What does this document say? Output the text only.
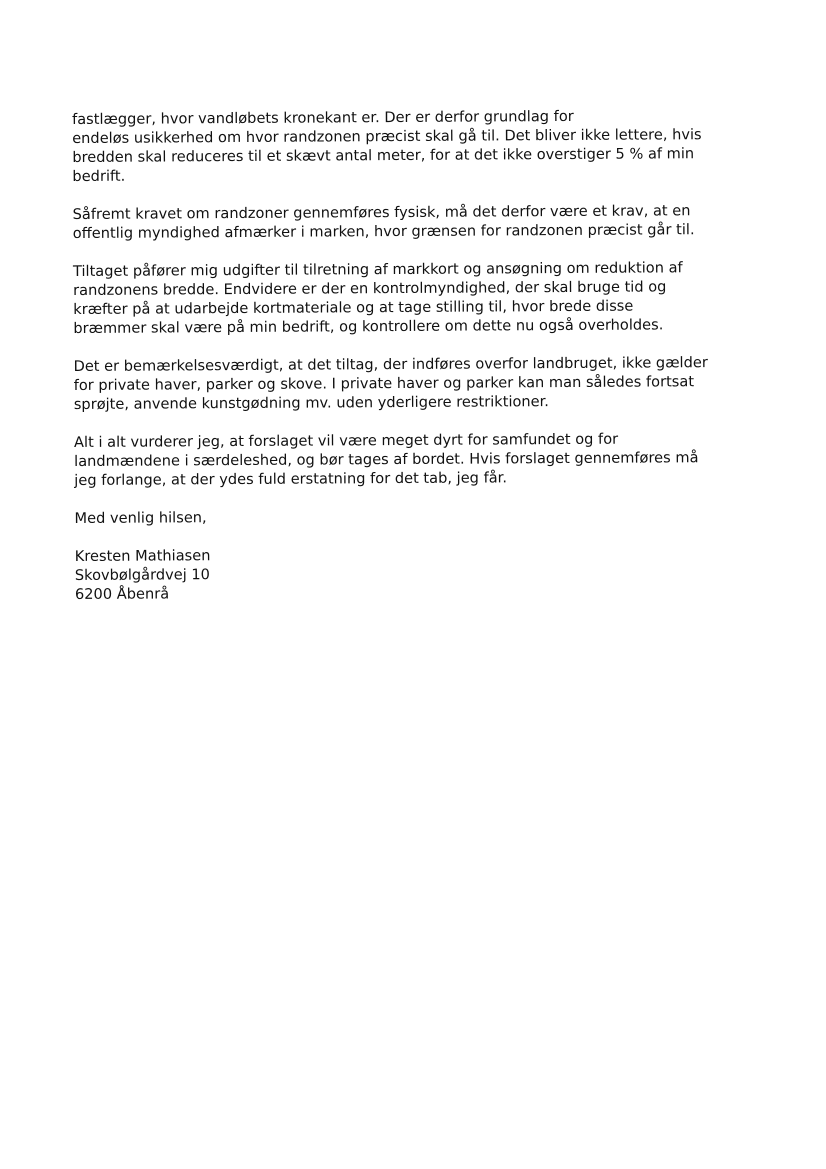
fastlægger, hvor vandløbets kronekant er. Der er derfor grundlag for
endeløs usikkerhed om hvor randzonen præcist skal gå til. Det bliver ikke lettere, hvis
bredden skal reduceres til et skævt antal meter, for at det ikke overstiger 5 % af min
bedrift.
Såfremt kravet om randzoner gennemføres fysisk, må det derfor være et krav, at en
offentlig myndighed afmærker i marken, hvor grænsen for randzonen præcist går til.
Tiltaget påfører mig udgifter til tilretning af markkort og ansøgning om reduktion af
randzonens bredde. Endvidere er der en kontrolmyndighed, der skal bruge tid og
kræfter på at udarbejde kortmateriale og at tage stilling til, hvor brede disse
bræmmer skal være på min bedrift, og kontrollere om dette nu også overholdes.
Det er bemærkelsesværdigt, at det tiltag, der indføres overfor landbruget, ikke gælder
for private haver, parker og skove. I private haver og parker kan man således fortsat
sprøjte, anvende kunstgødning mv. uden yderligere restriktioner.
Alt i alt vurderer jeg, at forslaget vil være meget dyrt for samfundet og for
landmændene i særdeleshed, og bør tages af bordet. Hvis forslaget gennemføres må
jeg forlange, at der ydes fuld erstatning for det tab, jeg får.
Med venlig hilsen,
Kresten Mathiasen
Skovbølgårdvej 10
6200 Åbenrå
